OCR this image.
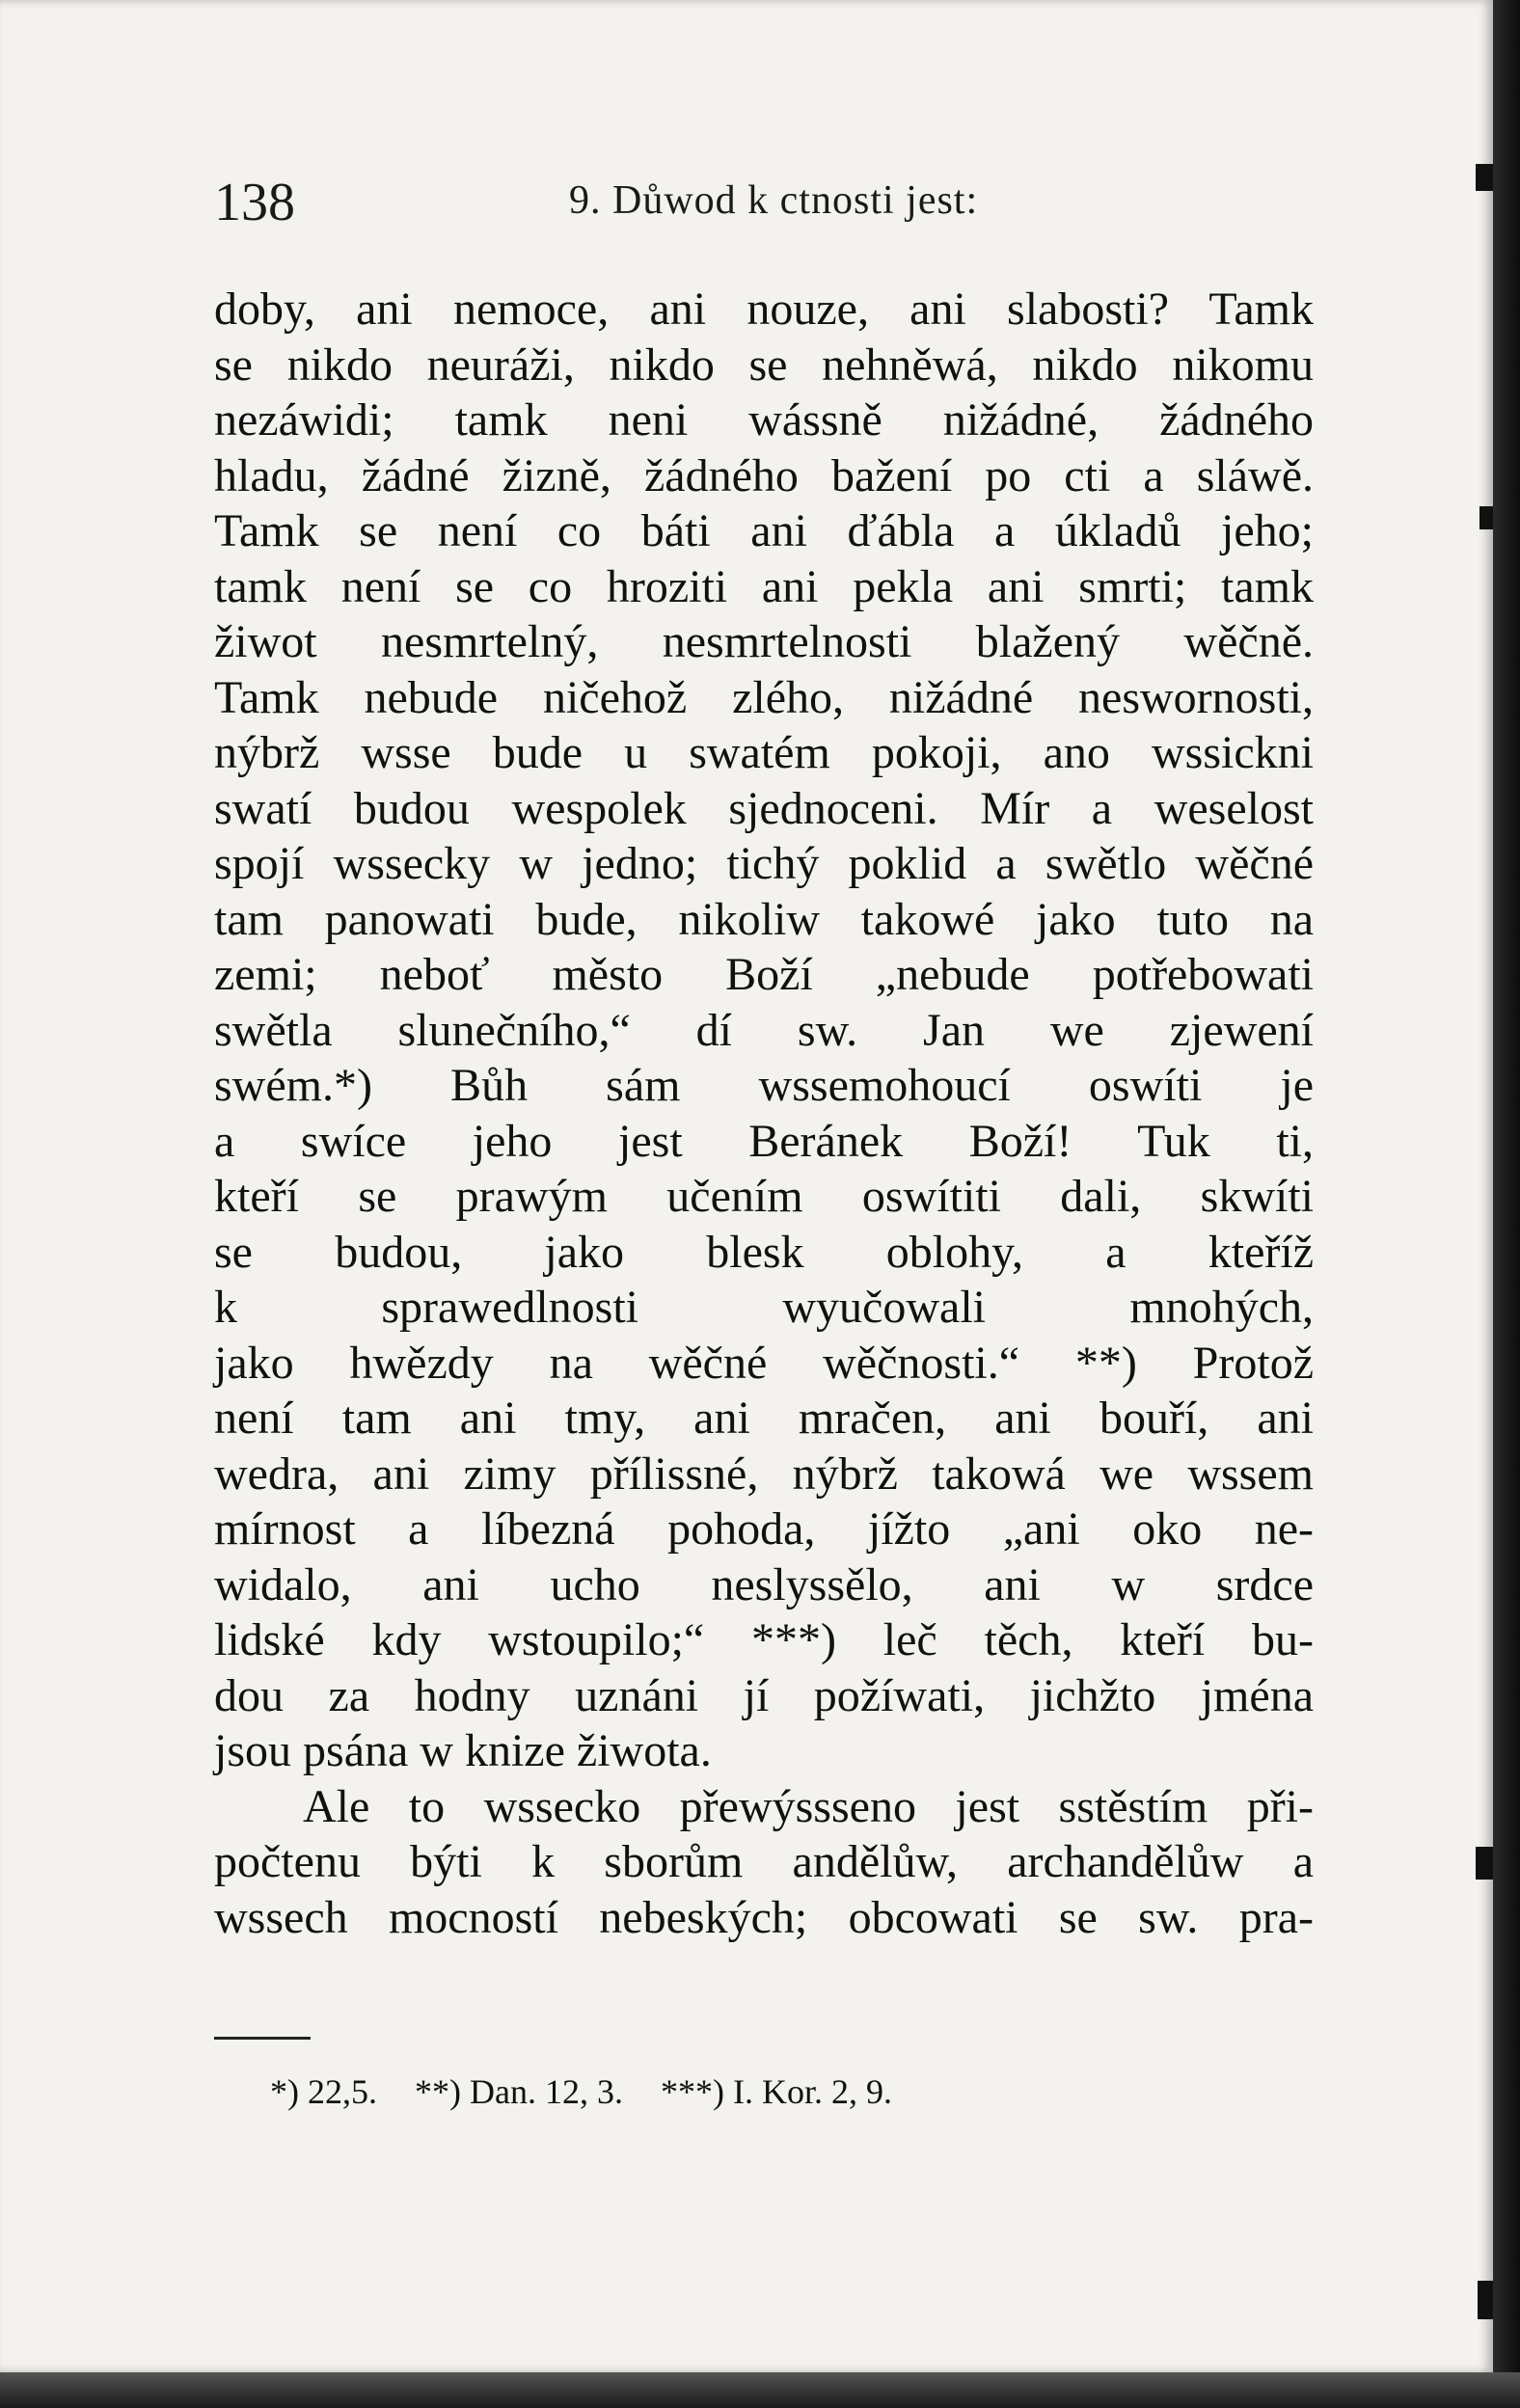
138	9. Důwod k ctnosti jest:
doby, ani nemoce, ani nouze, ani slabosti? Tamk
se nikdo neuráži, nikdo se nehněwá, nikdo nikomu
nezáwidi; tamk neni wássně nižádné, žádného
hladu, žádné žizně, žádného bažení po cti a sláwě.
Tamk se není co báti ani ďábla a úkladů jeho;
tamk není se co hroziti ani pekla ani smrti; tamk
žiwot nesmrtelný, nesmrtelnosti blažený wěčně.
Tamk nebude ničehož zlého, nižádné neswornosti,
nýbrž wsse bude u swatém pokoji, ano wssickni
swatí budou wespolek sjednoceni. Mír a weselost
spojí wssecky w jedno; tichý poklid a swětlo wěčné
tam panowati bude, nikoliw takowé jako tuto na
zemi; neboť město Boží „nebude potřebowati
swětla slunečního,“ dí sw. Jan we zjewení
swém.*) Bůh sám wssemohoucí oswíti je
a swíce jeho jest Beránek Boží! Tuk ti,
kteří se prawým učením oswítiti dali, skwíti
se budou, jako blesk oblohy, a kteříž
k sprawedlnosti wyučowali mnohých,
jako hwězdy na wěčné wěčnosti.“ **) Protož
není tam ani tmy, ani mračen, ani bouří, ani
wedra, ani zimy přílissné, nýbrž takowá we wssem
mírnost a líbezná pohoda, jížto „ani oko ne-
widalo, ani ucho neslyssělo, ani w srdce
lidské kdy wstoupilo;“ ***) leč těch, kteří bu-
dou za hodny uznáni jí požíwati, jichžto jména
jsou psána w knize žiwota.
Ale to wssecko přewýssseno jest sstěstím při-
počtenu býti k sborům andělůw, archandělůw a
wssech mocností nebeských; obcowati se sw. pra-
*) 22,5. **) Dan. 12, 3. ***) I. Kor. 2, 9.
